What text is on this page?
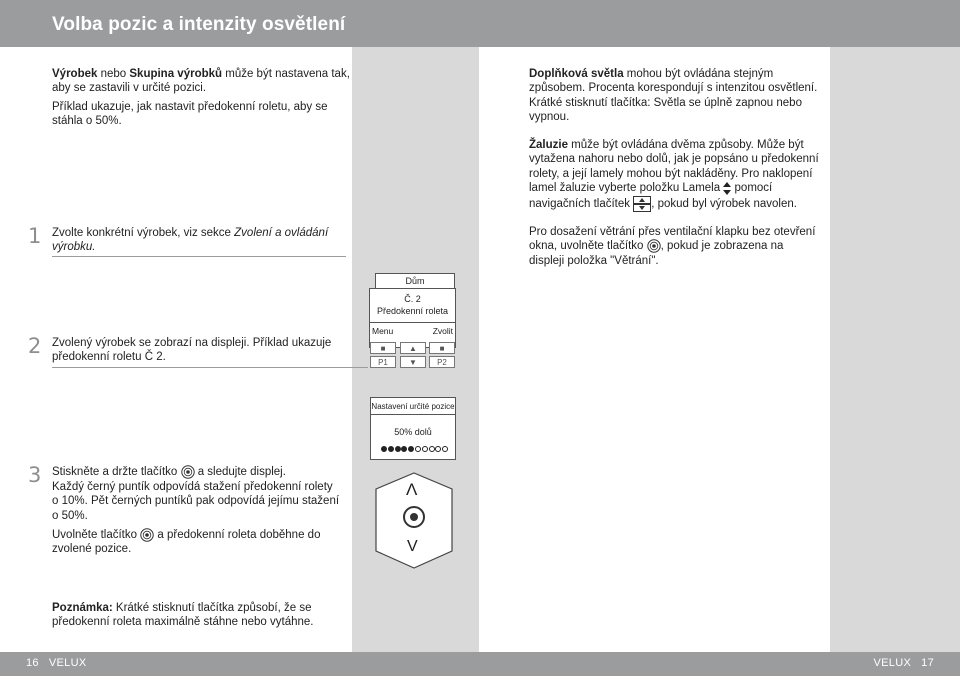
Volba pozic a intenzity osvětlení
Výrobek nebo Skupina výrobků může být nastavena tak, aby se zastavili v určité pozici.
Příklad ukazuje, jak nastavit předokenní roletu, aby se stáhla o 50%.
1 Zvolte konkrétní výrobek, viz sekce Zvolení a ovládání výrobku.
2 Zvolený výrobek se zobrazí na displeji. Příklad ukazuje předokenní roletu Č 2.
Dům
Č. 2
Předokenní roleta
Menu	Zvolit
■	▲	■
P1	▼	P2
Nastavení určité pozice
50% dolů
3 Stiskněte a držte tlačítko  a sledujte displej.
Každý černý puntík odpovídá stažení předokenní rolety o 10%. Pět černých puntíků pak odpovídá jejímu stažení o 50%.
Uvolněte tlačítko  a předokenní roleta doběhne do zvolené pozice.
Λ
V
Poznámka: Krátké stisknutí tlačítka způsobí, že se předokenní roleta maximálně stáhne nebo vytáhne.
Doplňková světla mohou být ovládána stejným způsobem. Procenta korespondují s intenzitou osvětlení. Krátké stisknutí tlačítka: Světla se úplně zapnou nebo vypnou.
Žaluzie může být ovládána dvěma způsoby. Může být vytažena nahoru nebo dolů, jak je popsáno u předokenní rolety, a její lamely mohou být nakláděny. Pro naklopení lamel žaluzie vyberte položku Lamela  pomocí navigačních tlačítek , pokud byl výrobek navolen.
Pro dosažení větrání přes ventilační klapku bez otevření okna, uvolněte tlačítko , pokud je zobrazena na displeji položka "Větrání".
16   VELUX	VELUX   17
